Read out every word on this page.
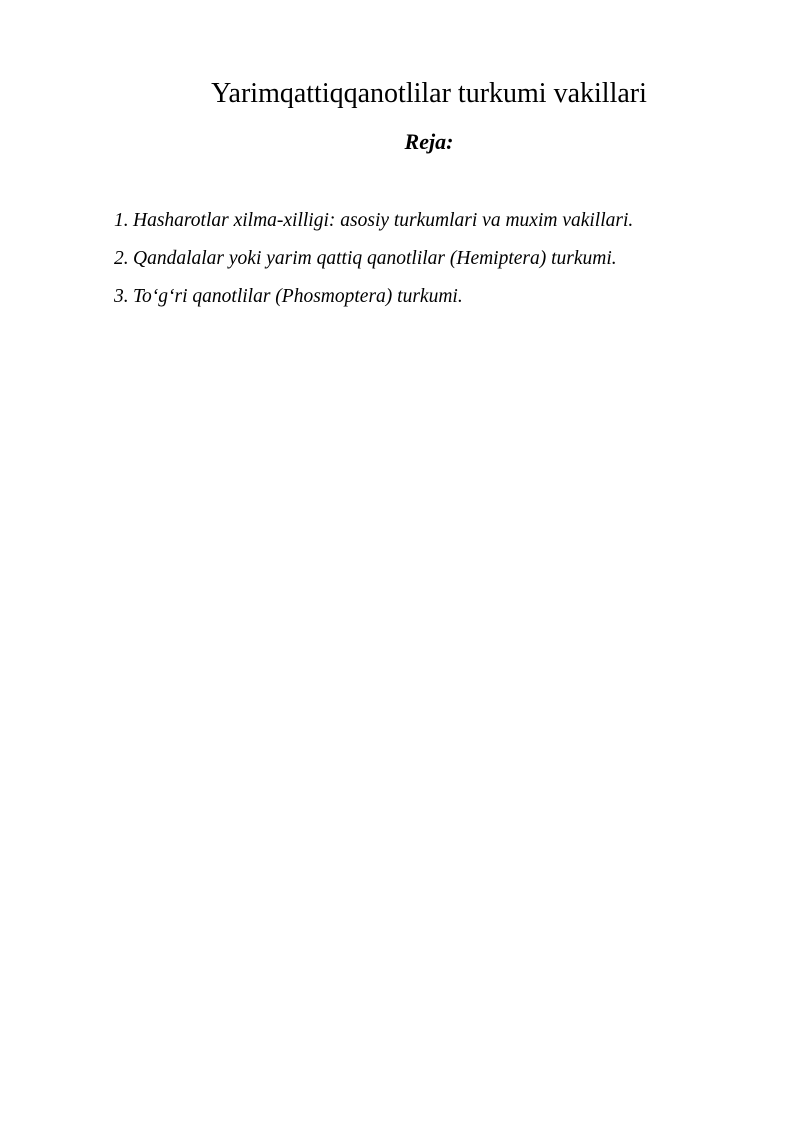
Yarimqattiqqanotlilar turkumi vakillari
Reja:
1. Hasharotlar xilma-xilligi: asosiy turkumlari va muxim vakillari.
2. Qandalalar yoki yarim qattiq qanotlilar (Hemiptera) turkumi.
3. To‘g‘ri qanotlilar (Phosmoptera) turkumi.
